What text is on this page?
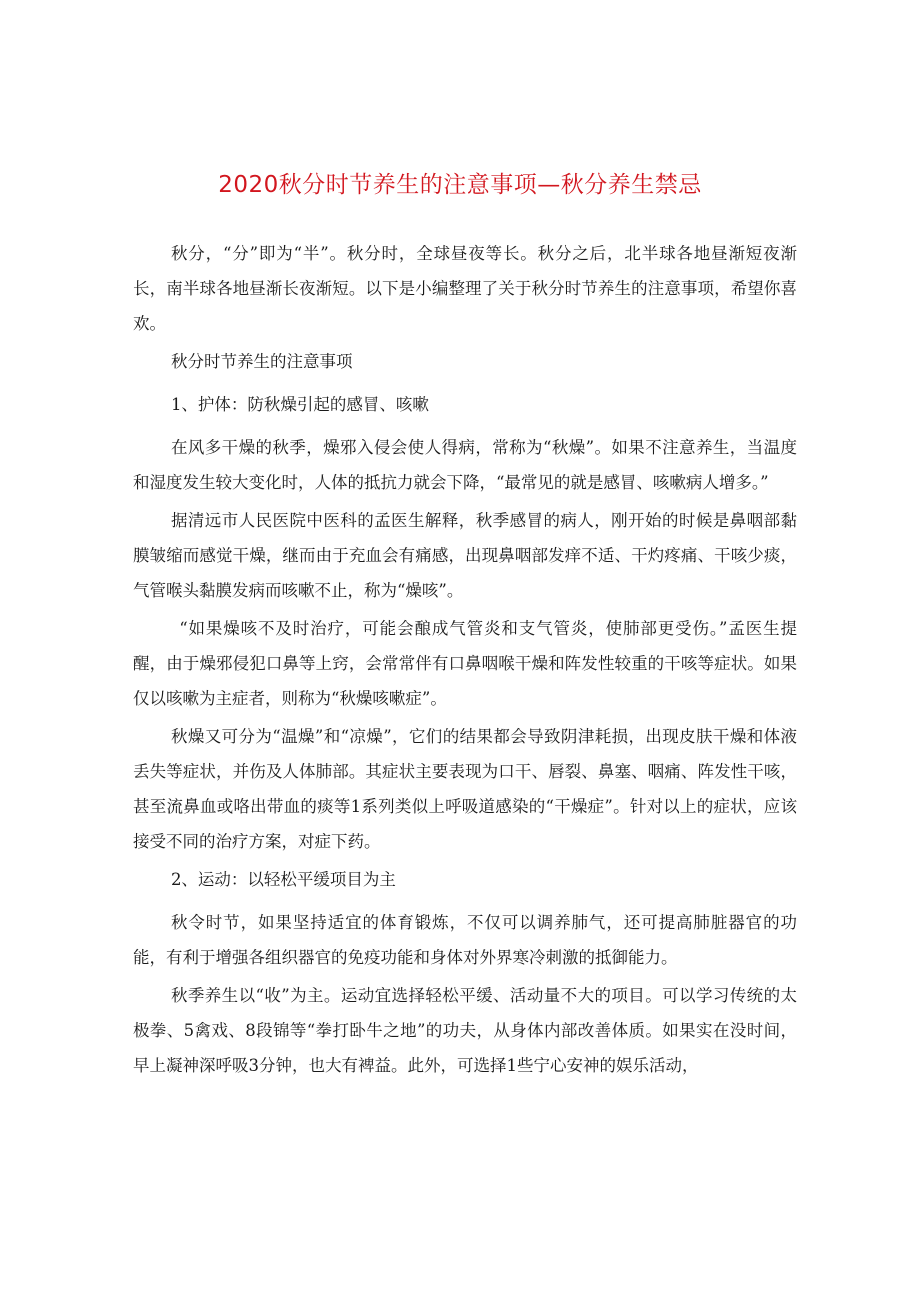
2020秋分时节养生的注意事项—秋分养生禁忌

秋分，“分”即为“半”。秋分时，全球昼夜等长。秋分之后，北半球各地昼渐短夜渐长，南半球各地昼渐长夜渐短。以下是小编整理了关于秋分时节养生的注意事项，希望你喜欢。

秋分时节养生的注意事项

1、护体：防秋燥引起的感冒、咳嗽

在风多干燥的秋季，燥邪入侵会使人得病，常称为“秋燥”。如果不注意养生，当温度和湿度发生较大变化时，人体的抵抗力就会下降，“最常见的就是感冒、咳嗽病人增多。”

据清远市人民医院中医科的孟医生解释，秋季感冒的病人，刚开始的时候是鼻咽部黏膜皱缩而感觉干燥，继而由于充血会有痛感，出现鼻咽部发痒不适、干灼疼痛、干咳少痰，气管喉头黏膜发病而咳嗽不止，称为“燥咳”。

“如果燥咳不及时治疗，可能会酿成气管炎和支气管炎，使肺部更受伤。”孟医生提醒，由于燥邪侵犯口鼻等上窍，会常常伴有口鼻咽喉干燥和阵发性较重的干咳等症状。如果仅以咳嗽为主症者，则称为“秋燥咳嗽症”。

秋燥又可分为“温燥”和“凉燥”，它们的结果都会导致阴津耗损，出现皮肤干燥和体液丢失等症状，并伤及人体肺部。其症状主要表现为口干、唇裂、鼻塞、咽痛、阵发性干咳，甚至流鼻血或咯出带血的痰等1系列类似上呼吸道感染的“干燥症”。针对以上的症状，应该接受不同的治疗方案，对症下药。

2、运动：以轻松平缓项目为主

秋令时节，如果坚持适宜的体育锻炼，不仅可以调养肺气，还可提高肺脏器官的功能，有利于增强各组织器官的免疫功能和身体对外界寒冷刺激的抵御能力。

秋季养生以“收”为主。运动宜选择轻松平缓、活动量不大的项目。可以学习传统的太极拳、5禽戏、8段锦等“拳打卧牛之地”的功夫，从身体内部改善体质。如果实在没时间，早上凝神深呼吸3分钟，也大有裨益。此外，可选择1些宁心安神的娱乐活动，
